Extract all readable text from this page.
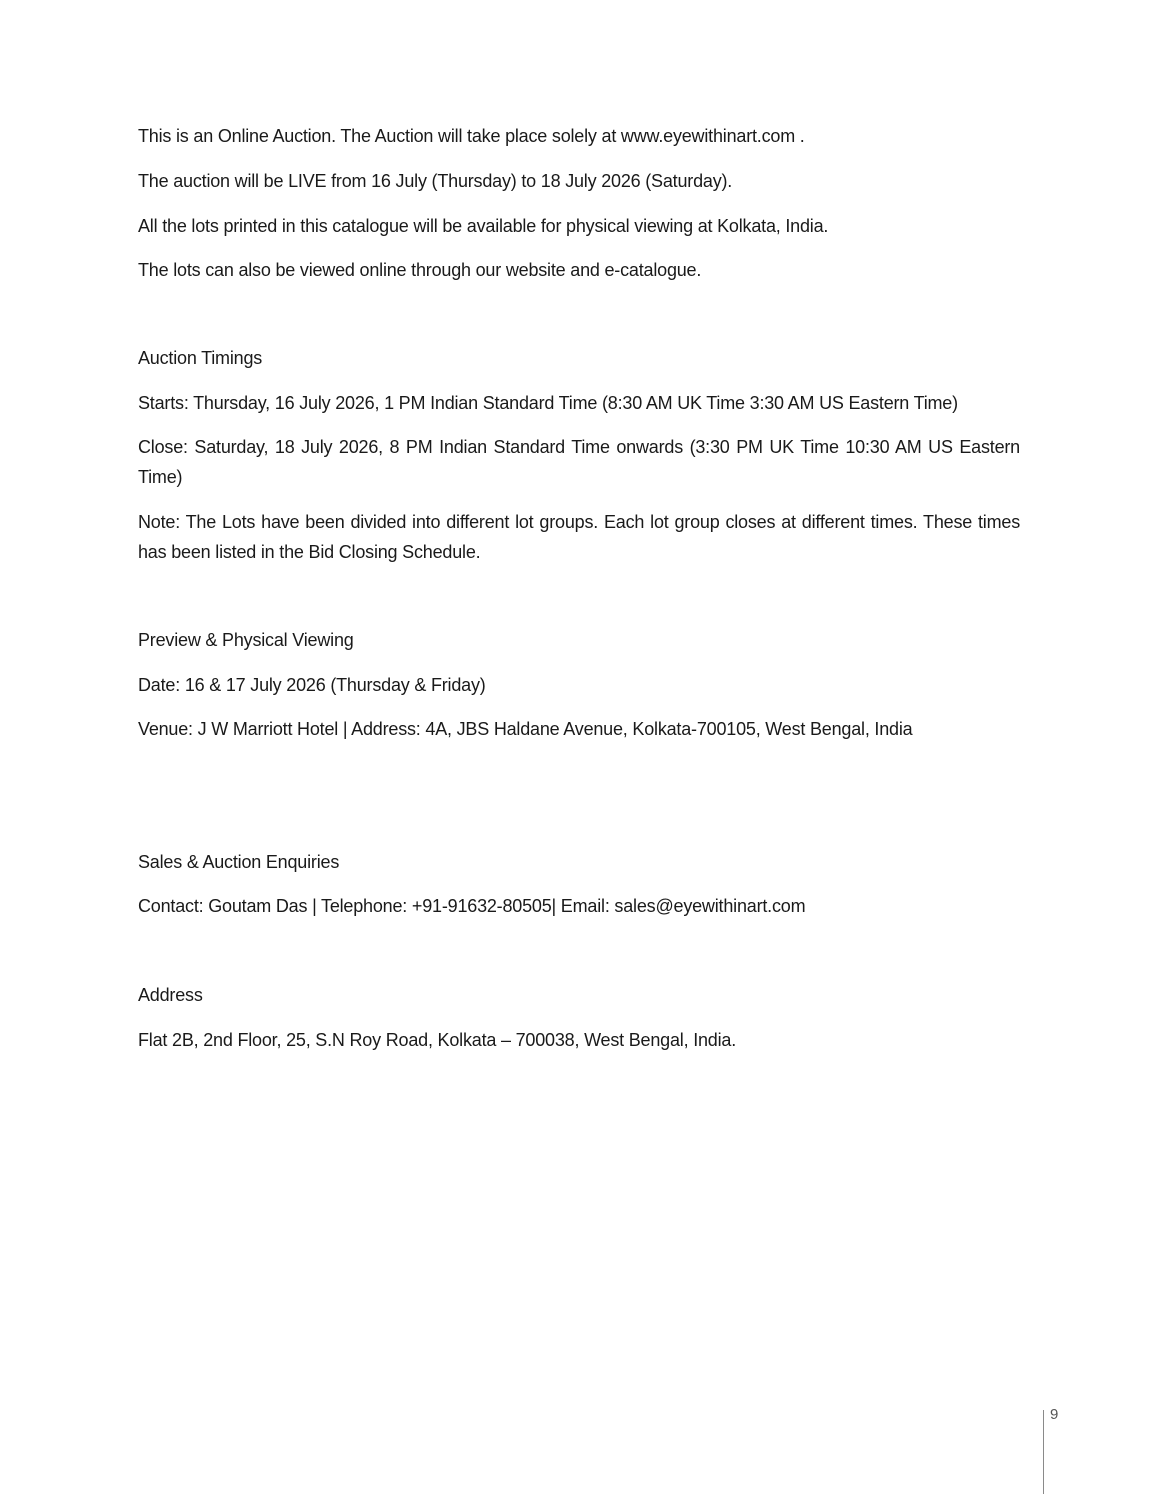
This is an Online Auction. The Auction will take place solely at www.eyewithinart.com .
The auction will be LIVE from 16 July (Thursday) to 18 July 2026 (Saturday).
All the lots printed in this catalogue will be available for physical viewing at Kolkata, India.
The lots can also be viewed online through our website and e-catalogue.
Auction Timings
Starts: Thursday, 16 July 2026, 1 PM Indian Standard Time (8:30 AM UK Time 3:30 AM US Eastern Time)
Close: Saturday, 18 July 2026, 8 PM Indian Standard Time onwards (3:30 PM UK Time 10:30 AM US Eastern Time)
Note: The Lots have been divided into different lot groups. Each lot group closes at different times. These times has been listed in the Bid Closing Schedule.
Preview & Physical Viewing
Date: 16 & 17 July 2026 (Thursday & Friday)
Venue: J W Marriott Hotel | Address: 4A, JBS Haldane Avenue, Kolkata-700105, West Bengal, India
Sales & Auction Enquiries
Contact: Goutam Das | Telephone: +91-91632-80505| Email: sales@eyewithinart.com
Address
Flat 2B, 2nd Floor, 25, S.N Roy Road, Kolkata – 700038, West Bengal, India.
9
